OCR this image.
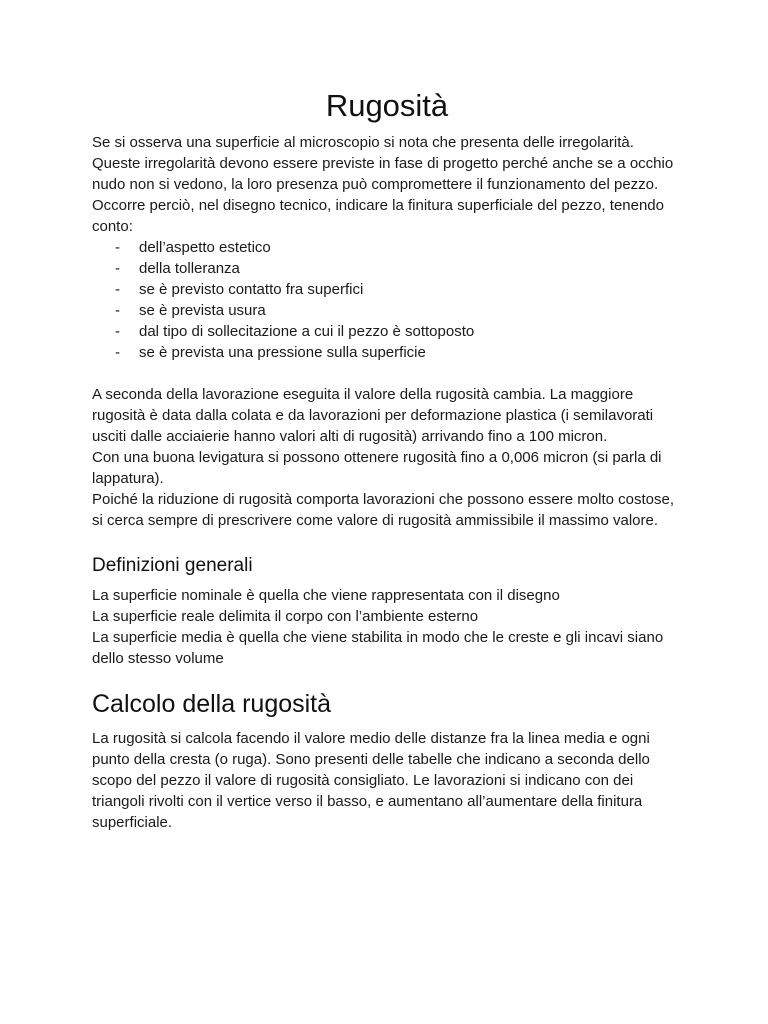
Rugosità

Se si osserva una superficie al microscopio si nota che presenta delle irregolarità. Queste irregolarità devono essere previste in fase di progetto perché anche se a occhio nudo non si vedono, la loro presenza può compromettere il funzionamento del pezzo. Occorre perciò, nel disegno tecnico, indicare la finitura superficiale del pezzo, tenendo conto:

- dell’aspetto estetico
- della tolleranza
- se è previsto contatto fra superfici
- se è prevista usura
- dal tipo di sollecitazione a cui il pezzo è sottoposto
- se è prevista una pressione sulla superficie

A seconda della lavorazione eseguita il valore della rugosità cambia. La maggiore rugosità è data dalla colata e da lavorazioni per deformazione plastica (i semilavorati usciti dalle acciaierie hanno valori alti di rugosità) arrivando fino a 100 micron.

Con una buona levigatura si possono ottenere rugosità fino a 0,006 micron (si parla di lappatura).

Poiché la riduzione di rugosità comporta lavorazioni che possono essere molto costose, si cerca sempre di prescrivere come valore di rugosità ammissibile il massimo valore.

Definizioni generali

La superficie nominale è quella che viene rappresentata con il disegno

La superficie reale delimita il corpo con l’ambiente esterno

La superficie media è quella che viene stabilita in modo che le creste e gli incavi siano dello stesso volume

Calcolo della rugosità

La rugosità si calcola facendo il valore medio delle distanze fra la linea media e ogni punto della cresta (o ruga). Sono presenti delle tabelle che indicano a seconda dello scopo del pezzo il valore di rugosità consigliato. Le lavorazioni si indicano con dei triangoli rivolti con il vertice verso il basso, e aumentano all’aumentare della finitura superficiale.
